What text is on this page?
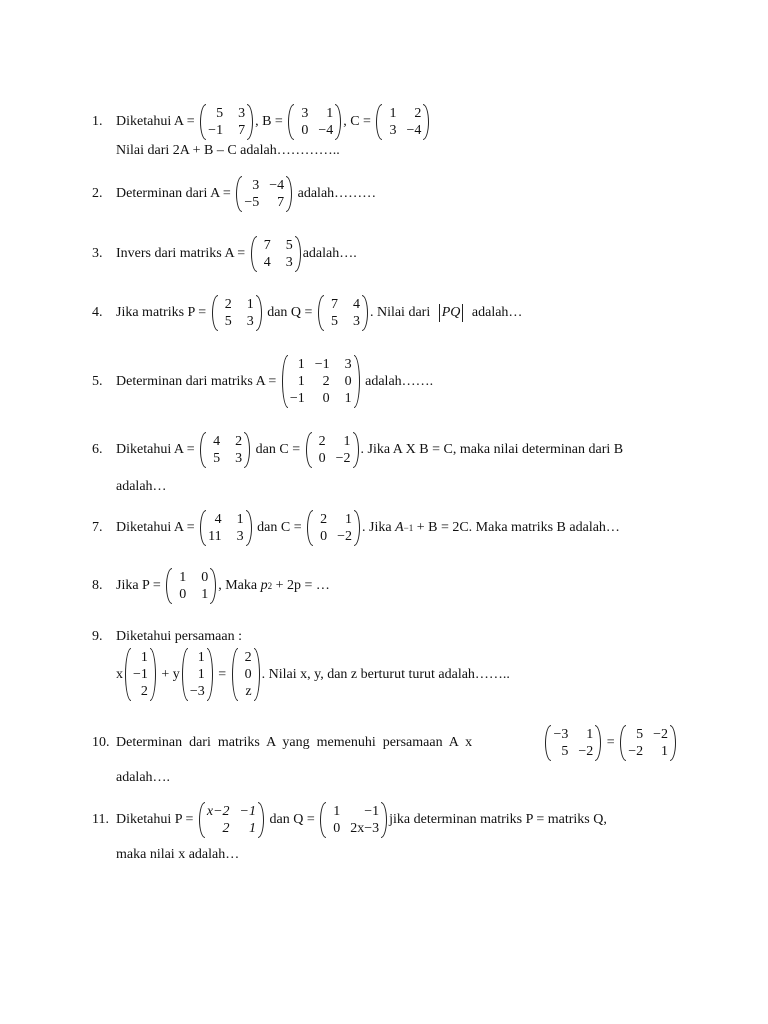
1. Diketahui A =
5	3
−1	7
, B =
3	1
0 −4
, C =
1	2
3 −4
Nilai dari 2A + B – C adalah…………..
2. Determinan dari A =
3 −4
−5	7
adalah………
3. Invers dari matriks A =
7	5
4	3
adalah….
4. Jika matriks P =
2	1
5	3
dan Q =
7	4
5	3
. Nilai dari PQ adalah…
5. Determinan dari matriks A =
1 −1	3
1	2	0
−1	0	1
adalah…….
6. Diketahui A =
4	2
5	3
dan C =
2	1
0 −2
. Jika A X B = C, maka nilai determinan dari B
adalah…
7. Diketahui A =
4	1
11	3
dan C =
2	1
0 −2
. Jika A −1 + B = 2C. Maka matriks B adalah…
8. Jika P =
1	0
0	1
, Maka p 2 + 2p = …
9. Diketahui persamaan :
x
1
−1
2
+ y
1
1
−3
=
2
0
z
. Nilai x, y, dan z berturut turut adalah……..
10. Determinan  dari  matriks  A  yang  memenuhi  persamaan  A  x
−3	1
5 −2
=
5 −2
−2	1
adalah….
11. Diketahui P =
x−2 −1
2	1
dan Q =
1	−1
0 2x−3
jika determinan matriks P = matriks Q,
maka nilai x adalah…
